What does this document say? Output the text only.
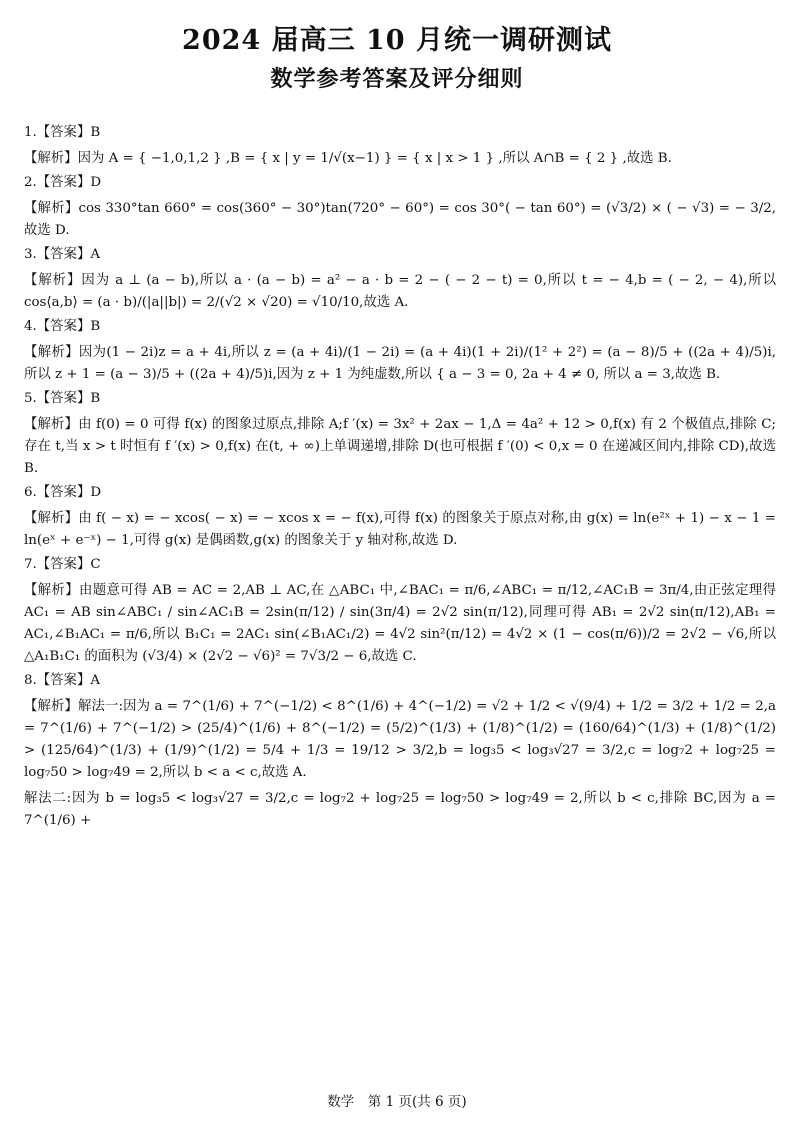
2024 届高三 10 月统一调研测试
数学参考答案及评分细则
1.【答案】B
【解析】因为 A = { −1,0,1,2 } ,B = { x | y = 1/√(x−1) } = { x | x > 1 } ,所以 A∩B = { 2 } ,故选 B.
2.【答案】D
【解析】cos 330°tan 660° = cos(360° − 30°)tan(720° − 60°) = cos 30°( − tan 60°) = (√3/2) × ( − √3) = − 3/2,故选 D.
3.【答案】A
【解析】因为 a ⊥ (a − b),所以 a · (a − b) = a² − a · b = 2 − ( − 2 − t) = 0,所以 t = − 4,b = ( − 2, − 4),所以 cos⟨a,b⟩ = (a · b)/(|a||b|) = 2/(√2 × √20) = √10/10,故选 A.
4.【答案】B
【解析】因为(1 − 2i)z = a + 4i,所以 z = (a + 4i)/(1 − 2i) = (a + 4i)(1 + 2i)/(1² + 2²) = (a − 8)/5 + ((2a + 4)/5)i,所以 z + 1 = (a − 3)/5 + ((2a + 4)/5)i,因为 z + 1 为纯虚数,所以 { a − 3 = 0, 2a + 4 ≠ 0, 所以 a = 3,故选 B.
5.【答案】B
【解析】由 f(0) = 0 可得 f(x) 的图象过原点,排除 A;f ′(x) = 3x² + 2ax − 1,Δ = 4a² + 12 > 0,f(x) 有 2 个极值点,排除 C;存在 t,当 x > t 时恒有 f ′(x) > 0,f(x) 在(t, + ∞)上单调递增,排除 D(也可根据 f ′(0) < 0,x = 0 在递减区间内,排除 CD),故选 B.
6.【答案】D
【解析】由 f( − x) = − xcos( − x) = − xcos x = − f(x),可得 f(x) 的图象关于原点对称,由 g(x) = ln(e²ˣ + 1) − x − 1 = ln(eˣ + e⁻ˣ) − 1,可得 g(x) 是偶函数,g(x) 的图象关于 y 轴对称,故选 D.
7.【答案】C
【解析】由题意可得 AB = AC = 2,AB ⊥ AC,在 △ABC₁ 中,∠BAC₁ = π/6,∠ABC₁ = π/12,∠AC₁B = 3π/4,由正弦定理得 AC₁ = AB sin∠ABC₁ / sin∠AC₁B = 2sin(π/12) / sin(3π/4) = 2√2 sin(π/12),同理可得 AB₁ = 2√2 sin(π/12),AB₁ = AC₁,∠B₁AC₁ = π/6,所以 B₁C₁ = 2AC₁ sin(∠B₁AC₁/2) = 4√2 sin²(π/12) = 4√2 × (1 − cos(π/6))/2 = 2√2 − √6,所以 △A₁B₁C₁ 的面积为 (√3/4) × (2√2 − √6)² = 7√3/2 − 6,故选 C.
8.【答案】A
【解析】解法一:因为 a = 7^(1/6) + 7^(−1/2) < 8^(1/6) + 4^(−1/2) = √2 + 1/2 < √(9/4) + 1/2 = 3/2 + 1/2 = 2,a = 7^(1/6) + 7^(−1/2) > (25/4)^(1/6) + 8^(−1/2) = (5/2)^(1/3) + (1/8)^(1/2) = (160/64)^(1/3) + (1/8)^(1/2) > (125/64)^(1/3) + (1/9)^(1/2) = 5/4 + 1/3 = 19/12 > 3/2,b = log₃5 < log₃√27 = 3/2,c = log₇2 + log₇25 = log₇50 > log₇49 = 2,所以 b < a < c,故选 A.
解法二:因为 b = log₃5 < log₃√27 = 3/2,c = log₇2 + log₇25 = log₇50 > log₇49 = 2,所以 b < c,排除 BC,因为 a = 7^(1/6) +
数学　第 1 页(共 6 页)
